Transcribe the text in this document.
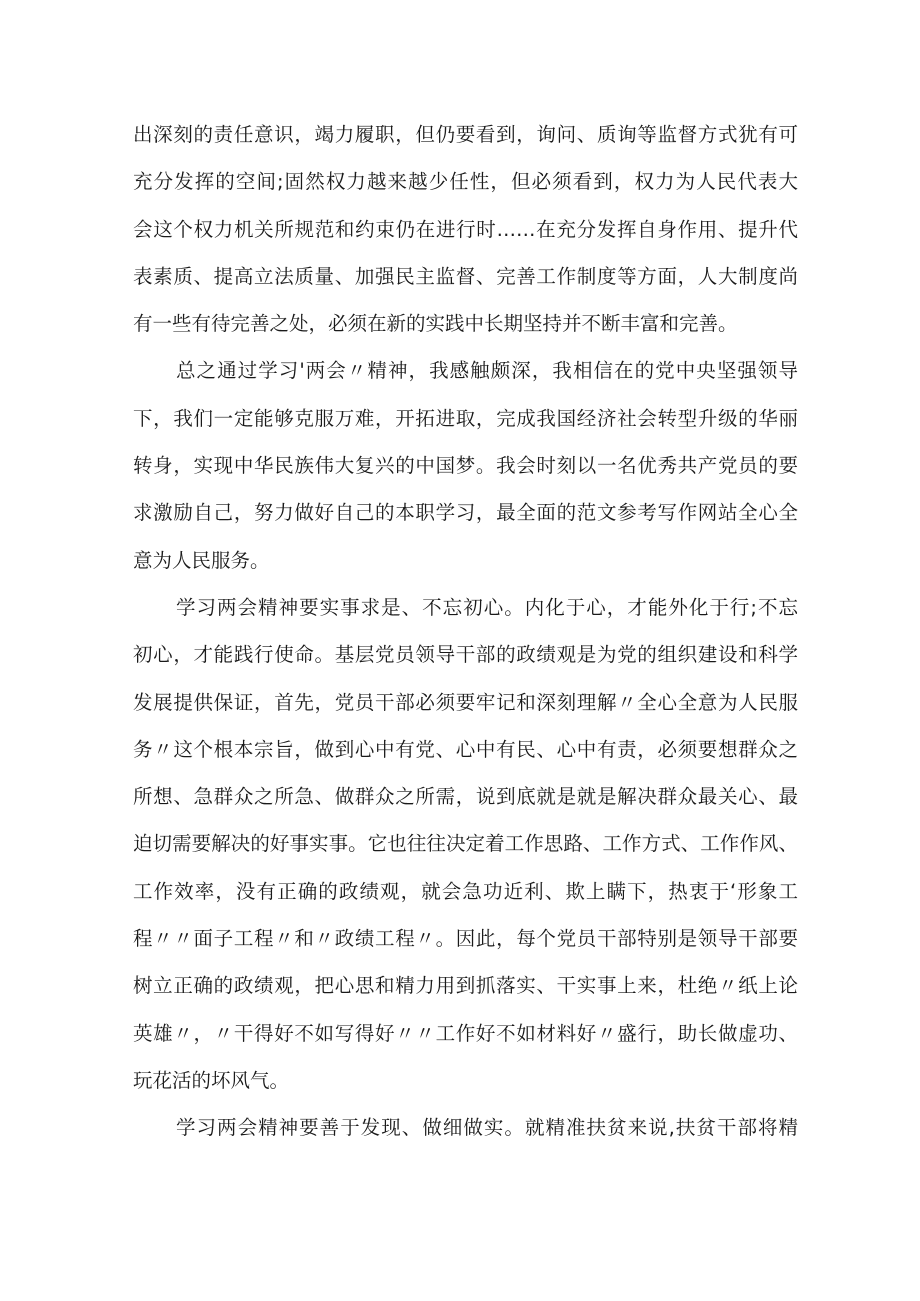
出深刻的责任意识，竭力履职，但仍要看到，询问、质询等监督方式犹有可
充分发挥的空间;固然权力越来越少任性，但必须看到，权力为人民代表大
会这个权力机关所规范和约束仍在进行时……在充分发挥自身作用、提升代
表素质、提高立法质量、加强民主监督、完善工作制度等方面，人大制度尚
有一些有待完善之处，必须在新的实践中长期坚持并不断丰富和完善。
总之通过学习'两会〃精神，我感触颇深，我相信在的党中央坚强领导
下，我们一定能够克服万难，开拓进取，完成我国经济社会转型升级的华丽
转身，实现中华民族伟大复兴的中国梦。我会时刻以一名优秀共产党员的要
求激励自己，努力做好自己的本职学习，最全面的范文参考写作网站全心全
意为人民服务。
学习两会精神要实事求是、不忘初心。内化于心，才能外化于行;不忘
初心，才能践行使命。基层党员领导干部的政绩观是为党的组织建设和科学
发展提供保证，首先，党员干部必须要牢记和深刻理解〃全心全意为人民服
务〃这个根本宗旨，做到心中有党、心中有民、心中有责，必须要想群众之
所想、急群众之所急、做群众之所需，说到底就是就是解决群众最关心、最
迫切需要解决的好事实事。它也往往决定着工作思路、工作方式、工作作风、
工作效率，没有正确的政绩观，就会急功近利、欺上瞒下，热衷于‘形象工
程〃〃面子工程〃和〃政绩工程〃。因此，每个党员干部特别是领导干部要
树立正确的政绩观，把心思和精力用到抓落实、干实事上来，杜绝〃纸上论
英雄〃，〃干得好不如写得好〃〃工作好不如材料好〃盛行，助长做虚功、
玩花活的坏风气。
学习两会精神要善于发现、做细做实。就精准扶贫来说,扶贫干部将精
